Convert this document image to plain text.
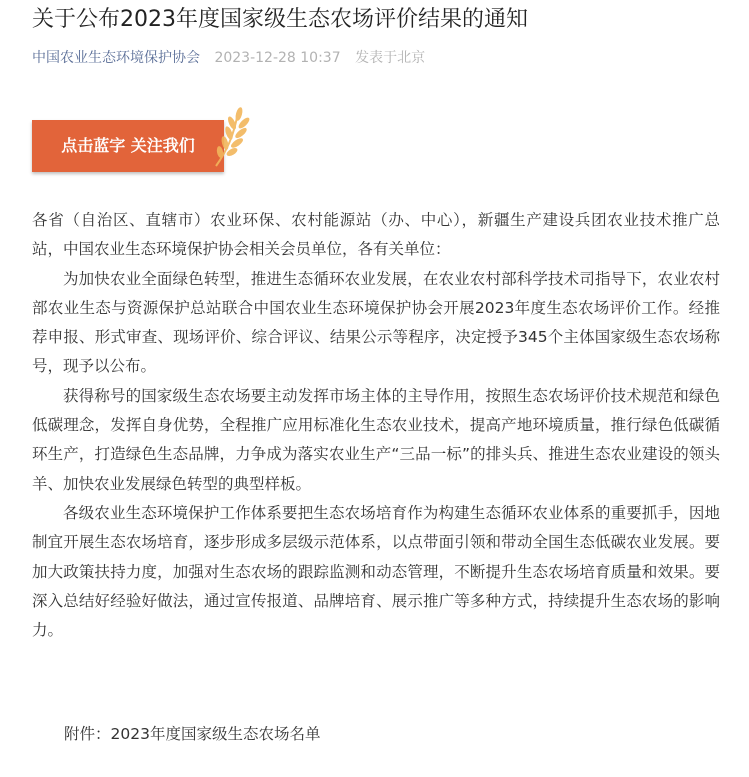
关于公布2023年度国家级生态农场评价结果的通知
中国农业生态环境保护协会 2023-12-28 10:37 发表于北京
点击蓝字 关注我们

各省（自治区、直辖市）农业环保、农村能源站（办、中心），新疆生产建设兵团农业技术推广总站，中国农业生态环境保护协会相关会员单位，各有关单位：

为加快农业全面绿色转型，推进生态循环农业发展，在农业农村部科学技术司指导下，农业农村部农业生态与资源保护总站联合中国农业生态环境保护协会开展2023年度生态农场评价工作。经推荐申报、形式审查、现场评价、综合评议、结果公示等程序，决定授予345个主体国家级生态农场称号，现予以公布。

获得称号的国家级生态农场要主动发挥市场主体的主导作用，按照生态农场评价技术规范和绿色低碳理念，发挥自身优势，全程推广应用标准化生态农业技术，提高产地环境质量，推行绿色低碳循环生产，打造绿色生态品牌，力争成为落实农业生产“三品一标”的排头兵、推进生态农业建设的领头羊、加快农业发展绿色转型的典型样板。

各级农业生态环境保护工作体系要把生态农场培育作为构建生态循环农业体系的重要抓手，因地制宜开展生态农场培育，逐步形成多层级示范体系，以点带面引领和带动全国生态低碳农业发展。要加大政策扶持力度，加强对生态农场的跟踪监测和动态管理，不断提升生态农场培育质量和效果。要深入总结好经验好做法，通过宣传报道、品牌培育、展示推广等多种方式，持续提升生态农场的影响力。

附件：2023年度国家级生态农场名单
